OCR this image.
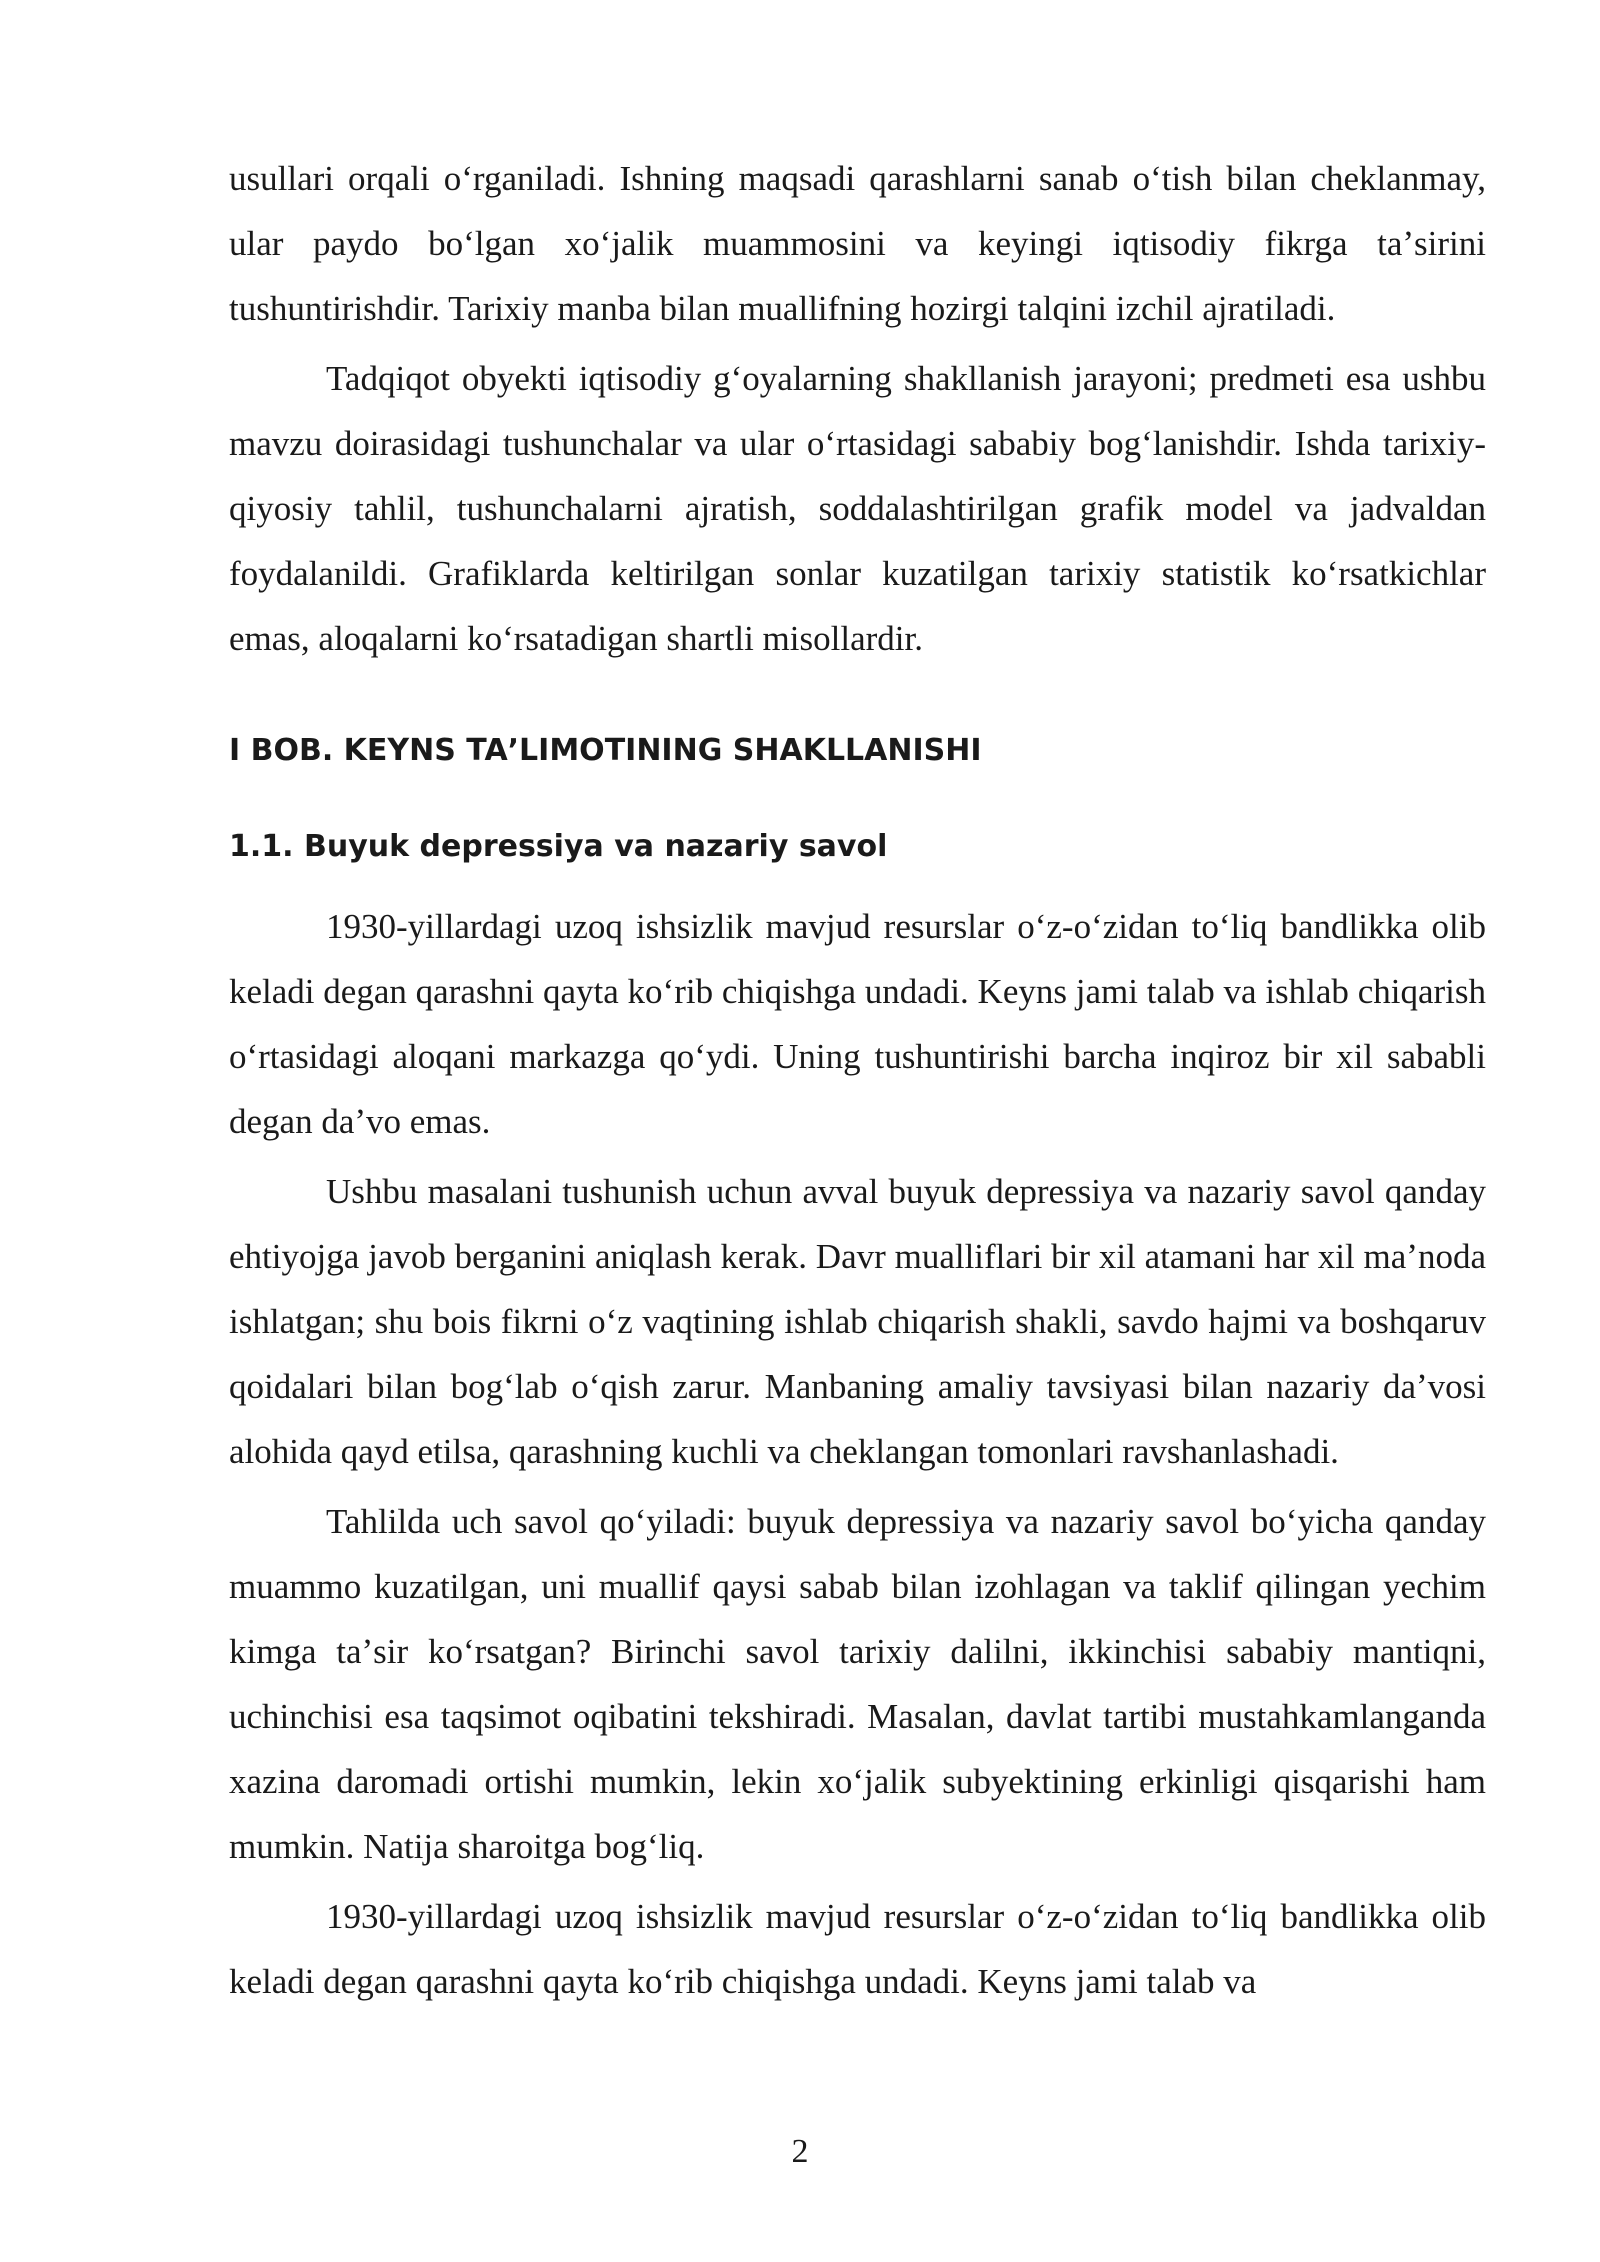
usullari orqali oʻrganiladi. Ishning maqsadi qarashlarni sanab oʻtish bilan cheklanmay, ular paydo boʻlgan xoʻjalik muammosini va keyingi iqtisodiy fikrga taʼsirini tushuntirishdir. Tarixiy manba bilan muallifning hozirgi talqini izchil ajratiladi.

Tadqiqot obyekti iqtisodiy gʻoyalarning shakllanish jarayoni; predmeti esa ushbu mavzu doirasidagi tushunchalar va ular oʻrtasidagi sababiy bogʻlanishdir. Ishda tarixiy-qiyosiy tahlil, tushunchalarni ajratish, soddalashtirilgan grafik model va jadvaldan foydalanildi. Grafiklarda keltirilgan sonlar kuzatilgan tarixiy statistik koʻrsatkichlar emas, aloqalarni koʻrsatadigan shartli misollardir.

I BOB. KEYNS TAʼLIMOTINING SHAKLLANISHI
1.1. Buyuk depressiya va nazariy savol

1930-yillardagi uzoq ishsizlik mavjud resurslar oʻz-oʻzidan toʻliq bandlikka olib keladi degan qarashni qayta koʻrib chiqishga undadi. Keyns jami talab va ishlab chiqarish oʻrtasidagi aloqani markazga qoʻydi. Uning tushuntirishi barcha inqiroz bir xil sababli degan daʼvo emas.

Ushbu masalani tushunish uchun avval buyuk depressiya va nazariy savol qanday ehtiyojga javob berganini aniqlash kerak. Davr mualliflari bir xil atamani har xil maʼnoda ishlatgan; shu bois fikrni oʻz vaqtining ishlab chiqarish shakli, savdo hajmi va boshqaruv qoidalari bilan bogʻlab oʻqish zarur. Manbaning amaliy tavsiyasi bilan nazariy daʼvosi alohida qayd etilsa, qarashning kuchli va cheklangan tomonlari ravshanlashadi.

Tahlilda uch savol qoʻyiladi: buyuk depressiya va nazariy savol boʻyicha qanday muammo kuzatilgan, uni muallif qaysi sabab bilan izohlagan va taklif qilingan yechim kimga taʼsir koʻrsatgan? Birinchi savol tarixiy dalilni, ikkinchisi sababiy mantiqni, uchinchisi esa taqsimot oqibatini tekshiradi. Masalan, davlat tartibi mustahkamlanganda xazina daromadi ortishi mumkin, lekin xoʻjalik subyektining erkinligi qisqarishi ham mumkin. Natija sharoitga bogʻliq.

1930-yillardagi uzoq ishsizlik mavjud resurslar oʻz-oʻzidan toʻliq bandlikka olib keladi degan qarashni qayta koʻrib chiqishga undadi. Keyns jami talab va

2
